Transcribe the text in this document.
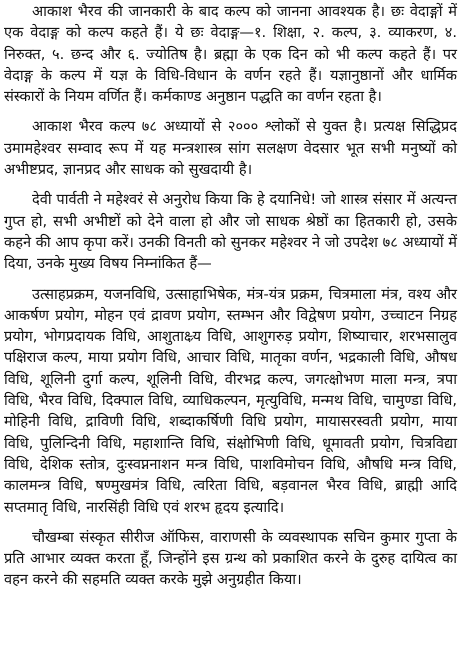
आकाश भैरव की जानकारी के बाद कल्प को जानना आवश्यक है। छः वेदाङ्गों में एक वेदाङ्ग को कल्प कहते हैं। ये छः वेदाङ्ग—१. शिक्षा, २. कल्प, ३. व्याकरण, ४. निरुक्त, ५. छन्द और ६. ज्योतिष है। ब्रह्मा के एक दिन को भी कल्प कहते हैं। पर वेदाङ्ग के कल्प में यज्ञ के विधि-विधान के वर्णन रहते हैं। यज्ञानुष्ठानों और धार्मिक संस्कारों के नियम वर्णित हैं। कर्मकाण्ड अनुष्ठान पद्धति का वर्णन रहता है।

आकाश भैरव कल्प ७८ अध्यायों से २००० श्लोकों से युक्त है। प्रत्यक्ष सिद्धिप्रद उमामहेश्वर सम्वाद रूप में यह मन्त्रशास्त्र सांग सलक्षण वेदसार भूत सभी मनुष्यों को अभीष्टप्रद, ज्ञानप्रद और साधक को सुखदायी है।

देवी पार्वती ने महेश्वरं से अनुरोध किया कि हे दयानिधे! जो शास्त्र संसार में अत्यन्त गुप्त हो, सभी अभीष्टों को देने वाला हो और जो साधक श्रेष्ठों का हितकारी हो, उसके कहने की आप कृपा करें। उनकी विनती को सुनकर महेश्वर ने जो उपदेश ७८ अध्यायों में दिया, उनके मुख्य विषय निम्नांकित हैं—

उत्साहप्रक्रम, यजनविधि, उत्साहाभिषेक, मंत्र-यंत्र प्रक्रम, चित्रमाला मंत्र, वश्य और आकर्षण प्रयोग, मोहन एवं द्रावण प्रयोग, स्तम्भन और विद्वेषण प्रयोग, उच्चाटन निग्रह प्रयोग, भोगप्रदायक विधि, आशुताक्ष्र्य विधि, आशुगरुड़ प्रयोग, शिष्याचार, शरभसालुव पक्षिराज कल्प, माया प्रयोग विधि, आचार विधि, मातृका वर्णन, भद्रकाली विधि, औषध विधि, शूलिनी दुर्गा कल्प, शूलिनी विधि, वीरभद्र कल्प, जगत्क्षोभण माला मन्त्र, त्रपा विधि, भैरव विधि, दिक्पाल विधि, व्याधिकल्पन, मृत्युविधि, मन्मथ विधि, चामुण्डा विधि, मोहिनी विधि, द्राविणी विधि, शब्दाकर्षिणी विधि प्रयोग, मायासरस्वती प्रयोग, माया विधि, पुलिन्दिनी विधि, महाशान्ति विधि, संक्षोभिणी विधि, धूमावती प्रयोग, चित्रविद्या विधि, देशिक स्तोत्र, दुःस्वप्ननाशन मन्त्र विधि, पाशविमोचन विधि, औषधि मन्त्र विधि, कालमन्त्र विधि, षण्मुखमंत्र विधि, त्वरिता विधि, बड़वानल भैरव विधि, ब्राह्मी आदि सप्तमातृ विधि, नारसिंही विधि एवं शरभ हृदय इत्यादि।

चौखम्बा संस्कृत सीरीज ऑफिस, वाराणसी के व्यवस्थापक सचिन कुमार गुप्ता के प्रति आभार व्यक्त करता हूँ, जिन्होंने इस ग्रन्थ को प्रकाशित करने के दुरुह दायित्व का वहन करने की सहमति व्यक्त करके मुझे अनुग्रहीत किया।
